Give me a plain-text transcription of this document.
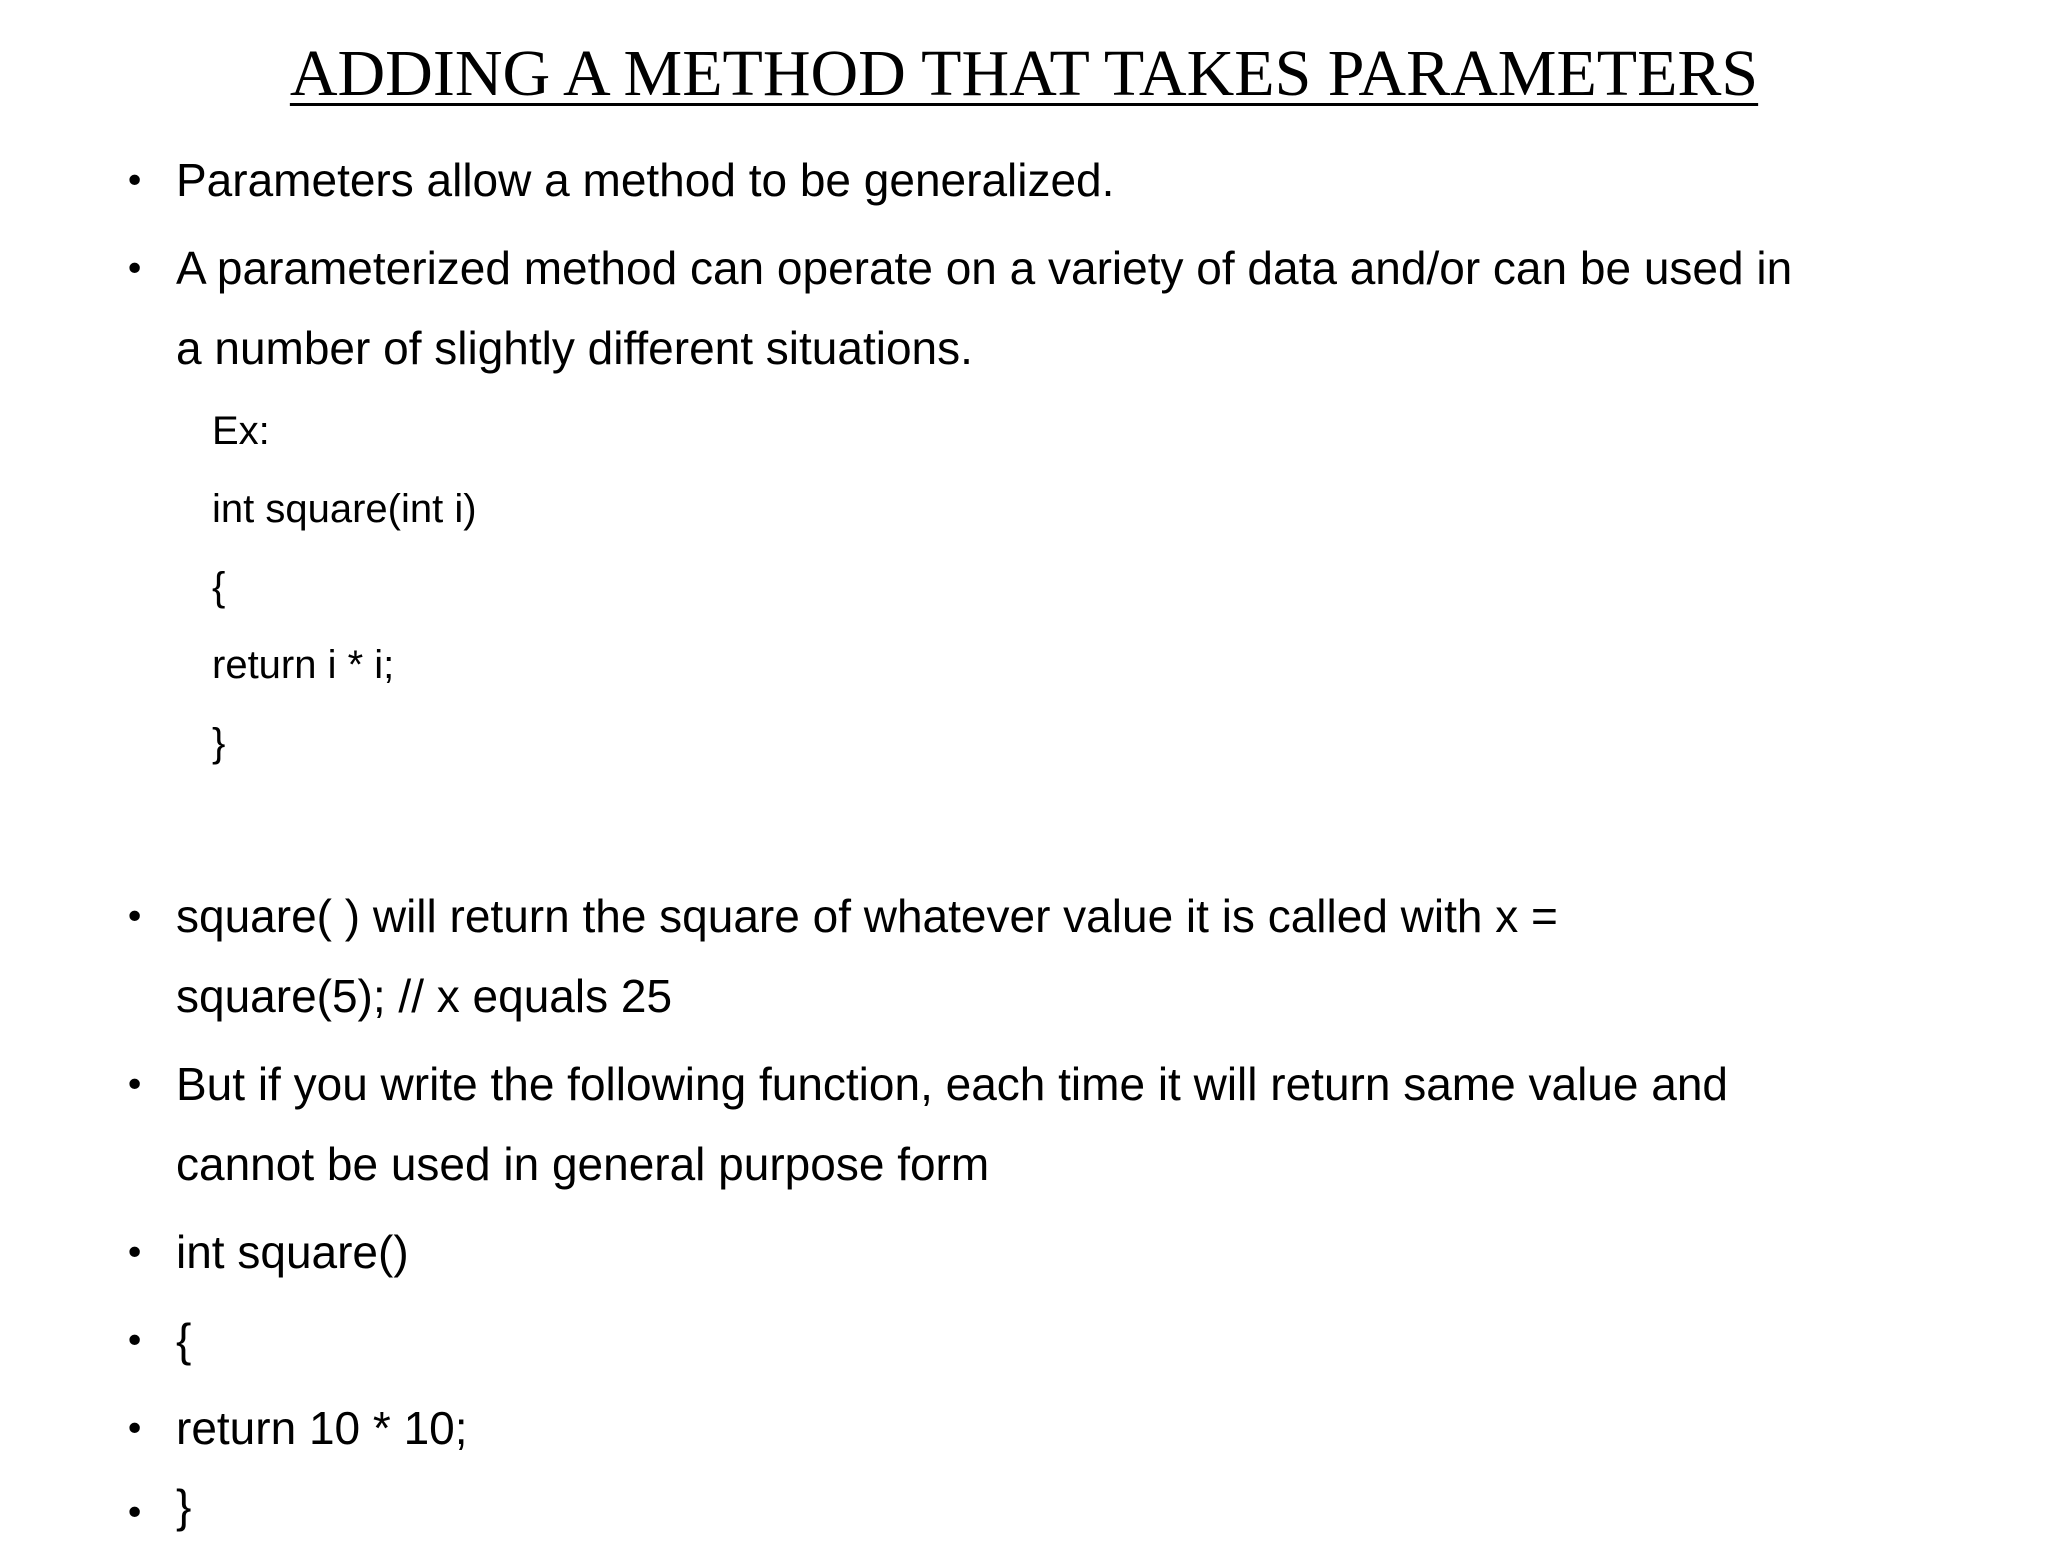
ADDING A METHOD THAT TAKES PARAMETERS
• Parameters allow a method to be generalized.
• A parameterized method can operate on a variety of data and/or can be used in
a number of slightly different situations.
Ex:
int square(int i)
{
return i * i;
}
• square( ) will return the square of whatever value it is called with x =
square(5); // x equals 25
• But if you write the following function, each time it will return same value and
cannot be used in general purpose form
• int square()
• {
• return 10 * 10;
• }
